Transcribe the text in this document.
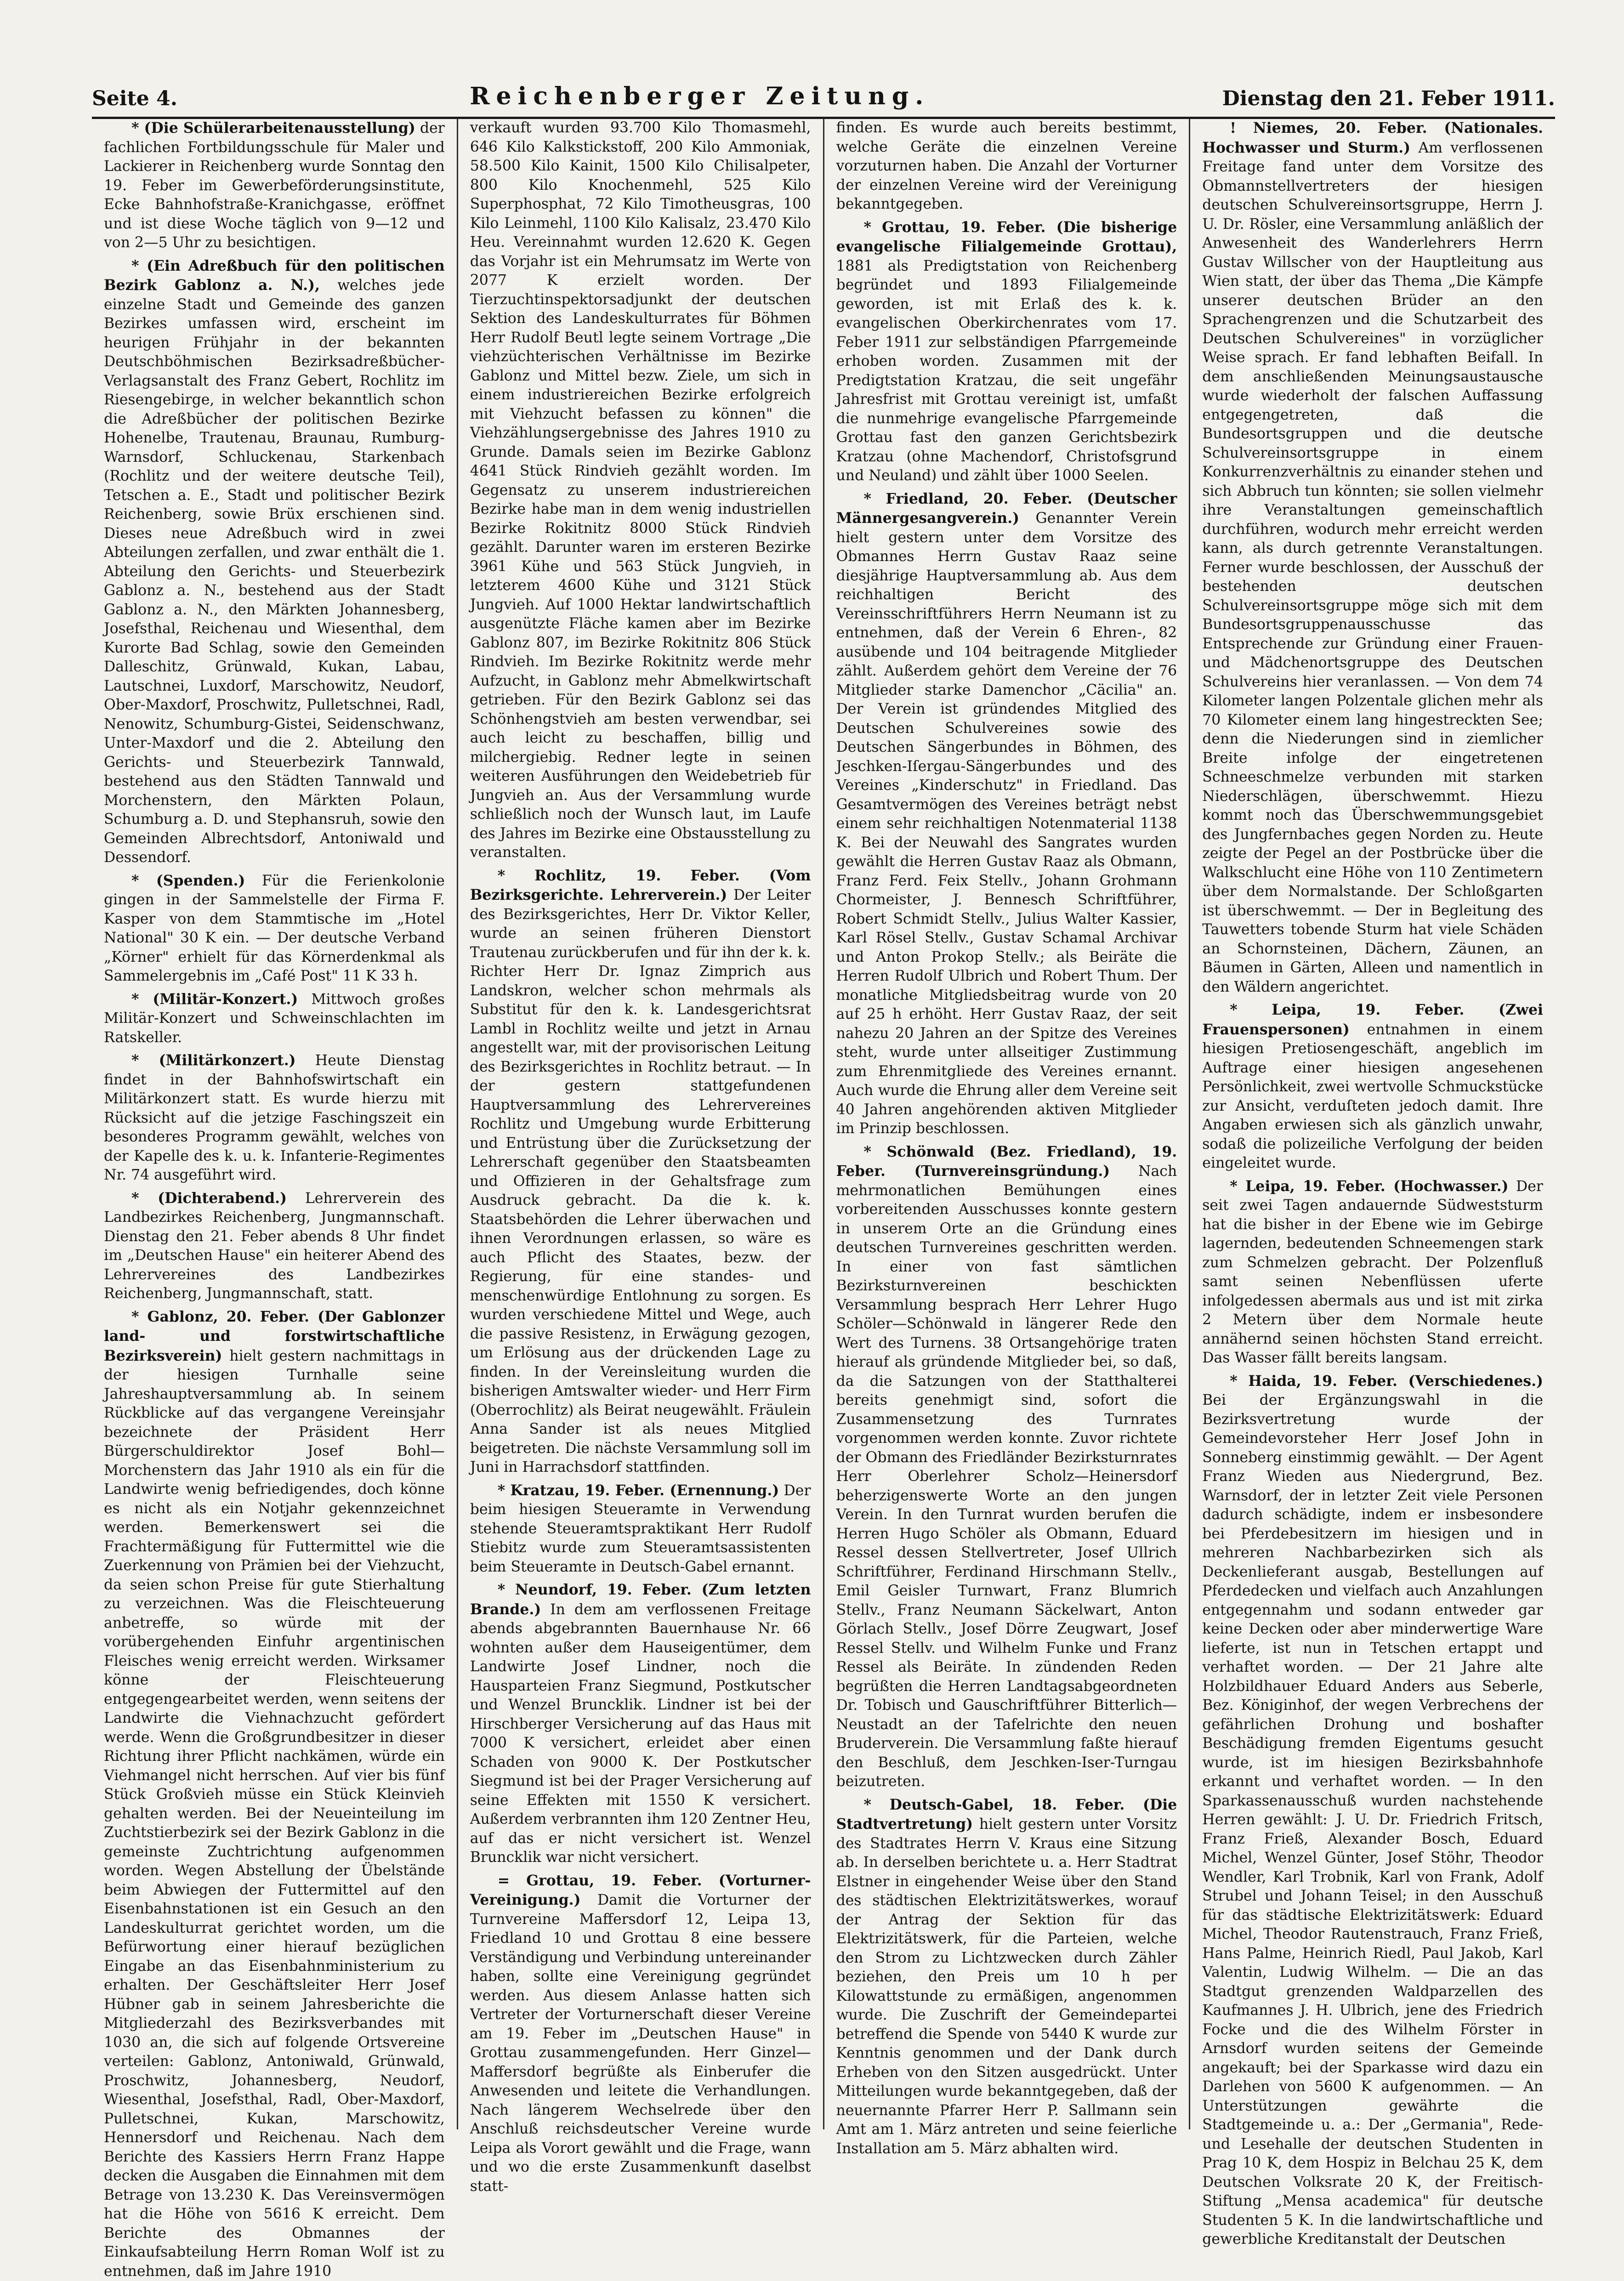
Seite 4.	Reichenberger Zeitung.	Dienstag den 21. Feber 1911.

* (Die Schülerarbeitenausstellung) der fachlichen Fortbildungsschule für Maler und Lackierer in Reichenberg wurde Sonntag den 19. Feber im Gewerbeförderungsinstitute, Ecke Bahnhofstraße-Kranichgasse, eröffnet und ist diese Woche täglich von 9—12 und von 2—5 Uhr zu besichtigen.

* (Ein Adreßbuch für den politischen Bezirk Gablonz a. N.), welches jede einzelne Stadt und Gemeinde des ganzen Bezirkes umfassen wird, erscheint im heurigen Frühjahr in der bekannten Deutschböhmischen Bezirksadreßbücher-Verlagsanstalt des Franz Gebert, Rochlitz im Riesengebirge, in welcher bekanntlich schon die Adreßbücher der politischen Bezirke Hohenelbe, Trautenau, Braunau, Rumburg-Warnsdorf, Schluckenau, Starkenbach (Rochlitz und der weitere deutsche Teil), Tetschen a. E., Stadt und politischer Bezirk Reichenberg, sowie Brüx erschienen sind. Dieses neue Adreßbuch wird in zwei Abteilungen zerfallen, und zwar enthält die 1. Abteilung den Gerichts- und Steuerbezirk Gablonz a. N., bestehend aus der Stadt Gablonz a. N., den Märkten Johannesberg, Josefsthal, Reichenau und Wiesenthal, dem Kurorte Bad Schlag, sowie den Gemeinden Dalleschitz, Grünwald, Kukan, Labau, Lautschnei, Luxdorf, Marschowitz, Neudorf, Ober-Maxdorf, Proschwitz, Pulletschnei, Radl, Nenowitz, Schumburg-Gistei, Seidenschwanz, Unter-Maxdorf und die 2. Abteilung den Gerichts- und Steuerbezirk Tannwald, bestehend aus den Städten Tannwald und Morchenstern, den Märkten Polaun, Schumburg a. D. und Stephansruh, sowie den Gemeinden Albrechtsdorf, Antoniwald und Dessendorf.

* (Spenden.) Für die Ferienkolonie gingen in der Sammelstelle der Firma F. Kasper von dem Stammtische im „Hotel National" 30 K ein. — Der deutsche Verband „Körner" erhielt für das Körnerdenkmal als Sammelergebnis im „Café Post" 11 K 33 h.

* (Militär-Konzert.) Mittwoch großes Militär-Konzert und Schweinschlachten im Ratskeller.

* (Militärkonzert.) Heute Dienstag findet in der Bahnhofswirtschaft ein Militärkonzert statt. Es wurde hierzu mit Rücksicht auf die jetzige Faschingszeit ein besonderes Programm gewählt, welches von der Kapelle des k. u. k. Infanterie-Regimentes Nr. 74 ausgeführt wird.

* (Dichterabend.) Lehrerverein des Landbezirkes Reichenberg, Jungmannschaft. Dienstag den 21. Feber abends 8 Uhr findet im „Deutschen Hause" ein heiterer Abend des Lehrervereines des Landbezirkes Reichenberg, Jungmannschaft, statt.

* Gablonz, 20. Feber. (Der Gablonzer land- und forstwirtschaftliche Bezirksverein) hielt gestern nachmittags in der hiesigen Turnhalle seine Jahreshauptversammlung ab. In seinem Rückblicke auf das vergangene Vereinsjahr bezeichnete der Präsident Herr Bürgerschuldirektor Josef Bohl—Morchenstern das Jahr 1910 als ein für die Landwirte wenig befriedigendes, doch könne es nicht als ein Notjahr gekennzeichnet werden. Bemerkenswert sei die Frachtermäßigung für Futtermittel wie die Zuerkennung von Prämien bei der Viehzucht, da seien schon Preise für gute Stierhaltung zu verzeichnen. Was die Fleischteuerung anbetreffe, so würde mit der vorübergehenden Einfuhr argentinischen Fleisches wenig erreicht werden. Wirksamer könne der Fleischteuerung entgegengearbeitet werden, wenn seitens der Landwirte die Viehnachzucht gefördert werde. Wenn die Großgrundbesitzer in dieser Richtung ihrer Pflicht nachkämen, würde ein Viehmangel nicht herrschen. Auf vier bis fünf Stück Großvieh müsse ein Stück Kleinvieh gehalten werden. Bei der Neueinteilung im Zuchtstierbezirk sei der Bezirk Gablonz in die gemeinste Zuchtrichtung aufgenommen worden. Wegen Abstellung der Übelstände beim Abwiegen der Futtermittel auf den Eisenbahnstationen ist ein Gesuch an den Landeskulturrat gerichtet worden, um die Befürwortung einer hierauf bezüglichen Eingabe an das Eisenbahnministerium zu erhalten. Der Geschäftsleiter Herr Josef Hübner gab in seinem Jahresberichte die Mitgliederzahl des Bezirksverbandes mit 1030 an, die sich auf folgende Ortsvereine verteilen: Gablonz, Antoniwald, Grünwald, Proschwitz, Johannesberg, Neudorf, Wiesenthal, Josefsthal, Radl, Ober-Maxdorf, Pulletschnei, Kukan, Marschowitz, Hennersdorf und Reichenau. Nach dem Berichte des Kassiers Herrn Franz Happe decken die Ausgaben die Einnahmen mit dem Betrage von 13.230 K. Das Vereinsvermögen hat die Höhe von 5616 K erreicht. Dem Berichte des Obmannes der Einkaufsabteilung Herrn Roman Wolf ist zu entnehmen, daß im Jahre 1910

verkauft wurden 93.700 Kilo Thomasmehl, 646 Kilo Kalkstickstoff, 200 Kilo Ammoniak, 58.500 Kilo Kainit, 1500 Kilo Chilisalpeter, 800 Kilo Knochenmehl, 525 Kilo Superphosphat, 72 Kilo Timotheusgras, 100 Kilo Leinmehl, 1100 Kilo Kalisalz, 23.470 Kilo Heu. Vereinnahmt wurden 12.620 K. Gegen das Vorjahr ist ein Mehrumsatz im Werte von 2077 K erzielt worden. Der Tierzuchtinspektorsadjunkt der deutschen Sektion des Landeskulturrates für Böhmen Herr Rudolf Beutl legte seinem Vortrage „Die viehzüchterischen Verhältnisse im Bezirke Gablonz und Mittel bezw. Ziele, um sich in einem industriereichen Bezirke erfolgreich mit Viehzucht befassen zu können" die Viehzählungsergebnisse des Jahres 1910 zu Grunde. Damals seien im Bezirke Gablonz 4641 Stück Rindvieh gezählt worden. Im Gegensatz zu unserem industriereichen Bezirke habe man in dem wenig industriellen Bezirke Rokitnitz 8000 Stück Rindvieh gezählt. Darunter waren im ersteren Bezirke 3961 Kühe und 563 Stück Jungvieh, in letzterem 4600 Kühe und 3121 Stück Jungvieh. Auf 1000 Hektar landwirtschaftlich ausgenützte Fläche kamen aber im Bezirke Gablonz 807, im Bezirke Rokitnitz 806 Stück Rindvieh. Im Bezirke Rokitnitz werde mehr Aufzucht, in Gablonz mehr Abmelkwirtschaft getrieben. Für den Bezirk Gablonz sei das Schönhengstvieh am besten verwendbar, sei auch leicht zu beschaffen, billig und milchergiebig. Redner legte in seinen weiteren Ausführungen den Weidebetrieb für Jungvieh an. Aus der Versammlung wurde schließlich noch der Wunsch laut, im Laufe des Jahres im Bezirke eine Obstausstellung zu veranstalten.

* Rochlitz, 19. Feber. (Vom Bezirksgerichte. Lehrerverein.) Der Leiter des Bezirksgerichtes, Herr Dr. Viktor Keller, wurde an seinen früheren Dienstort Trautenau zurückberufen und für ihn der k. k. Richter Herr Dr. Ignaz Zimprich aus Landskron, welcher schon mehrmals als Substitut für den k. k. Landesgerichtsrat Lambl in Rochlitz weilte und jetzt in Arnau angestellt war, mit der provisorischen Leitung des Bezirksgerichtes in Rochlitz betraut. — In der gestern stattgefundenen Hauptversammlung des Lehrervereines Rochlitz und Umgebung wurde Erbitterung und Entrüstung über die Zurücksetzung der Lehrerschaft gegenüber den Staatsbeamten und Offizieren in der Gehaltsfrage zum Ausdruck gebracht. Da die k. k. Staatsbehörden die Lehrer überwachen und ihnen Verordnungen erlassen, so wäre es auch Pflicht des Staates, bezw. der Regierung, für eine standes- und menschenwürdige Entlohnung zu sorgen. Es wurden verschiedene Mittel und Wege, auch die passive Resistenz, in Erwägung gezogen, um Erlösung aus der drückenden Lage zu finden. In der Vereinsleitung wurden die bisherigen Amtswalter wieder- und Herr Firm (Oberrochlitz) als Beirat neugewählt. Fräulein Anna Sander ist als neues Mitglied beigetreten. Die nächste Versammlung soll im Juni in Harrachsdorf stattfinden.

* Kratzau, 19. Feber. (Ernennung.) Der beim hiesigen Steueramte in Verwendung stehende Steueramtspraktikant Herr Rudolf Stiebitz wurde zum Steueramtsassistenten beim Steueramte in Deutsch-Gabel ernannt.

* Neundorf, 19. Feber. (Zum letzten Brande.) In dem am verflossenen Freitage abends abgebrannten Bauernhause Nr. 66 wohnten außer dem Hauseigentümer, dem Landwirte Josef Lindner, noch die Hausparteien Franz Siegmund, Postkutscher und Wenzel Bruncklik. Lindner ist bei der Hirschberger Versicherung auf das Haus mit 7000 K versichert, erleidet aber einen Schaden von 9000 K. Der Postkutscher Siegmund ist bei der Prager Versicherung auf seine Effekten mit 1550 K versichert. Außerdem verbrannten ihm 120 Zentner Heu, auf das er nicht versichert ist. Wenzel Bruncklik war nicht versichert.

= Grottau, 19. Feber. (Vorturner-Vereinigung.) Damit die Vorturner der Turnvereine Maffersdorf 12, Leipa 13, Friedland 10 und Grottau 8 eine bessere Verständigung und Verbindung untereinander haben, sollte eine Vereinigung gegründet werden. Aus diesem Anlasse hatten sich Vertreter der Vorturnerschaft dieser Vereine am 19. Feber im „Deutschen Hause" in Grottau zusammengefunden. Herr Ginzel—Maffersdorf begrüßte als Einberufer die Anwesenden und leitete die Verhandlungen. Nach längerem Wechselrede über den Anschluß reichsdeutscher Vereine wurde Leipa als Vorort gewählt und die Frage, wann und wo die erste Zusammenkunft daselbst statt-

finden. Es wurde auch bereits bestimmt, welche Geräte die einzelnen Vereine vorzuturnen haben. Die Anzahl der Vorturner der einzelnen Vereine wird der Vereinigung bekanntgegeben.

* Grottau, 19. Feber. (Die bisherige evangelische Filialgemeinde Grottau), 1881 als Predigtstation von Reichenberg begründet und 1893 Filialgemeinde geworden, ist mit Erlaß des k. k. evangelischen Oberkirchenrates vom 17. Feber 1911 zur selbständigen Pfarrgemeinde erhoben worden. Zusammen mit der Predigtstation Kratzau, die seit ungefähr Jahresfrist mit Grottau vereinigt ist, umfaßt die nunmehrige evangelische Pfarrgemeinde Grottau fast den ganzen Gerichtsbezirk Kratzau (ohne Machendorf, Christofsgrund und Neuland) und zählt über 1000 Seelen.

* Friedland, 20. Feber. (Deutscher Männergesangverein.) Genannter Verein hielt gestern unter dem Vorsitze des Obmannes Herrn Gustav Raaz seine diesjährige Hauptversammlung ab. Aus dem reichhaltigen Bericht des Vereinsschriftführers Herrn Neumann ist zu entnehmen, daß der Verein 6 Ehren-, 82 ausübende und 104 beitragende Mitglieder zählt. Außerdem gehört dem Vereine der 76 Mitglieder starke Damenchor „Cäcilia" an. Der Verein ist gründendes Mitglied des Deutschen Schulvereines sowie des Deutschen Sängerbundes in Böhmen, des Jeschken-Iſergau-Sängerbundes und des Vereines „Kinderschutz" in Friedland. Das Gesamtvermögen des Vereines beträgt nebst einem sehr reichhaltigen Notenmaterial 1138 K. Bei der Neuwahl des Sangrates wurden gewählt die Herren Gustav Raaz als Obmann, Franz Ferd. Feix Stellv., Johann Grohmann Chormeister, J. Bennesch Schriftführer, Robert Schmidt Stellv., Julius Walter Kassier, Karl Rösel Stellv., Gustav Schamal Archivar und Anton Prokop Stellv.; als Beiräte die Herren Rudolf Ulbrich und Robert Thum. Der monatliche Mitgliedsbeitrag wurde von 20 auf 25 h erhöht. Herr Gustav Raaz, der seit nahezu 20 Jahren an der Spitze des Vereines steht, wurde unter allseitiger Zustimmung zum Ehrenmitgliede des Vereines ernannt. Auch wurde die Ehrung aller dem Vereine seit 40 Jahren angehörenden aktiven Mitglieder im Prinzip beschlossen.

* Schönwald (Bez. Friedland), 19. Feber. (Turnvereinsgründung.) Nach mehrmonatlichen Bemühungen eines vorbereitenden Ausschusses konnte gestern in unserem Orte an die Gründung eines deutschen Turnvereines geschritten werden. In einer von fast sämtlichen Bezirksturnvereinen beschickten Versammlung besprach Herr Lehrer Hugo Schöler—Schönwald in längerer Rede den Wert des Turnens. 38 Ortsangehörige traten hierauf als gründende Mitglieder bei, so daß, da die Satzungen von der Statthalterei bereits genehmigt sind, sofort die Zusammensetzung des Turnrates vorgenommen werden konnte. Zuvor richtete der Obmann des Friedländer Bezirksturnrates Herr Oberlehrer Scholz—Heinersdorf beherzigenswerte Worte an den jungen Verein. In den Turnrat wurden berufen die Herren Hugo Schöler als Obmann, Eduard Ressel dessen Stellvertreter, Josef Ullrich Schriftführer, Ferdinand Hirschmann Stellv., Emil Geisler Turnwart, Franz Blumrich Stellv., Franz Neumann Säckelwart, Anton Görlach Stellv., Josef Dörre Zeugwart, Josef Ressel Stellv. und Wilhelm Funke und Franz Ressel als Beiräte. In zündenden Reden begrüßten die Herren Landtagsabgeordneten Dr. Tobisch und Gauschriftführer Bitterlich—Neustadt an der Tafelrichte den neuen Bruderverein. Die Versammlung faßte hierauf den Beschluß, dem Jeschken-Iser-Turngau beizutreten.

* Deutsch-Gabel, 18. Feber. (Die Stadtvertretung) hielt gestern unter Vorsitz des Stadtrates Herrn V. Kraus eine Sitzung ab. In derselben berichtete u. a. Herr Stadtrat Elstner in eingehender Weise über den Stand des städtischen Elektrizitätswerkes, worauf der Antrag der Sektion für das Elektrizitätswerk, für die Parteien, welche den Strom zu Lichtzwecken durch Zähler beziehen, den Preis um 10 h per Kilowattstunde zu ermäßigen, angenommen wurde. Die Zuschrift der Gemeindepartei betreffend die Spende von 5440 K wurde zur Kenntnis genommen und der Dank durch Erheben von den Sitzen ausgedrückt. Unter Mitteilungen wurde bekanntgegeben, daß der neuernannte Pfarrer Herr P. Sallmann sein Amt am 1. März antreten und seine feierliche Installation am 5. März abhalten wird.

! Niemes, 20. Feber. (Nationales. Hochwasser und Sturm.) Am verflossenen Freitage fand unter dem Vorsitze des Obmannstellvertreters der hiesigen deutschen Schulvereinsortsgruppe, Herrn J. U. Dr. Rösler, eine Versammlung anläßlich der Anwesenheit des Wanderlehrers Herrn Gustav Willscher von der Hauptleitung aus Wien statt, der über das Thema „Die Kämpfe unserer deutschen Brüder an den Sprachengrenzen und die Schutzarbeit des Deutschen Schulvereines" in vorzüglicher Weise sprach. Er fand lebhaften Beifall. In dem anschließenden Meinungsaustausche wurde wiederholt der falschen Auffassung entgegengetreten, daß die Bundesortsgruppen und die deutsche Schulvereinsortsgruppe in einem Konkurrenzverhältnis zu einander stehen und sich Abbruch tun könnten; sie sollen vielmehr ihre Veranstaltungen gemeinschaftlich durchführen, wodurch mehr erreicht werden kann, als durch getrennte Veranstaltungen. Ferner wurde beschlossen, der Ausschuß der bestehenden deutschen Schulvereinsortsgruppe möge sich mit dem Bundesortsgruppenausschusse das Entsprechende zur Gründung einer Frauen- und Mädchenortsgruppe des Deutschen Schulvereins hier veranlassen. — Von dem 74 Kilometer langen Polzentale glichen mehr als 70 Kilometer einem lang hingestreckten See; denn die Niederungen sind in ziemlicher Breite infolge der eingetretenen Schneeschmelze verbunden mit starken Niederschlägen, überschwemmt. Hiezu kommt noch das Überschwemmungsgebiet des Jungfernbaches gegen Norden zu. Heute zeigte der Pegel an der Postbrücke über die Walkschlucht eine Höhe von 110 Zentimetern über dem Normalstande. Der Schloßgarten ist überschwemmt. — Der in Begleitung des Tauwetters tobende Sturm hat viele Schäden an Schornsteinen, Dächern, Zäunen, an Bäumen in Gärten, Alleen und namentlich in den Wäldern angerichtet.

* Leipa, 19. Feber. (Zwei Frauenspersonen) entnahmen in einem hiesigen Pretiosengeschäft, angeblich im Auftrage einer hiesigen angesehenen Persönlichkeit, zwei wertvolle Schmuckstücke zur Ansicht, verduſteten jedoch damit. Ihre Angaben erwiesen sich als gänzlich unwahr, sodaß die polizeiliche Verfolgung der beiden eingeleitet wurde.

* Leipa, 19. Feber. (Hochwasser.) Der seit zwei Tagen andauernde Südweststurm hat die bisher in der Ebene wie im Gebirge lagernden, bedeutenden Schneemengen stark zum Schmelzen gebracht. Der Polzenfluß samt seinen Nebenflüssen uferte infolgedessen abermals aus und ist mit zirka 2 Metern über dem Normale heute annähernd seinen höchsten Stand erreicht. Das Wasser fällt bereits langsam.

* Haida, 19. Feber. (Verschiedenes.) Bei der Ergänzungswahl in die Bezirksvertretung wurde der Gemeindevorsteher Herr Josef John in Sonneberg einstimmig gewählt. — Der Agent Franz Wieden aus Niedergrund, Bez. Warnsdorf, der in letzter Zeit viele Personen dadurch schädigte, indem er insbesondere bei Pferdebesitzern im hiesigen und in mehreren Nachbarbezirken sich als Deckenlieferant ausgab, Bestellungen auf Pferdedecken und vielfach auch Anzahlungen entgegennahm und sodann entweder gar keine Decken oder aber minderwertige Ware lieferte, ist nun in Tetschen ertappt und verhaftet worden. — Der 21 Jahre alte Holzbildhauer Eduard Anders aus Seberle, Bez. Königinhof, der wegen Verbrechens der gefährlichen Drohung und boshafter Beschädigung fremden Eigentums gesucht wurde, ist im hiesigen Bezirksbahnhofe erkannt und verhaftet worden. — In den Sparkassenausschuß wurden nachstehende Herren gewählt: J. U. Dr. Friedrich Fritsch, Franz Frieß, Alexander Bosch, Eduard Michel, Wenzel Günter, Josef Stöhr, Theodor Wendler, Karl Trobnik, Karl von Frank, Adolf Strubel und Johann Teisel; in den Ausschuß für das städtische Elektrizitätswerk: Eduard Michel, Theodor Rautenstrauch, Franz Frieß, Hans Palme, Heinrich Riedl, Paul Jakob, Karl Valentin, Ludwig Wilhelm. — Die an das Stadtgut grenzenden Waldparzellen des Kaufmannes J. H. Ulbrich, jene des Friedrich Focke und die des Wilhelm Förster in Arnsdorf wurden seitens der Gemeinde angekauft; bei der Sparkasse wird dazu ein Darlehen von 5600 K aufgenommen. — An Unterstützungen gewährte die Stadtgemeinde u. a.: Der „Germania", Rede- und Lesehalle der deutschen Studenten in Prag 10 K, dem Hospiz in Belchau 25 K, dem Deutschen Volksrate 20 K, der Freitisch-Stiftung „Mensa academica" für deutsche Studenten 5 K. In die landwirtschaftliche und gewerbliche Kreditanstalt der Deutschen
